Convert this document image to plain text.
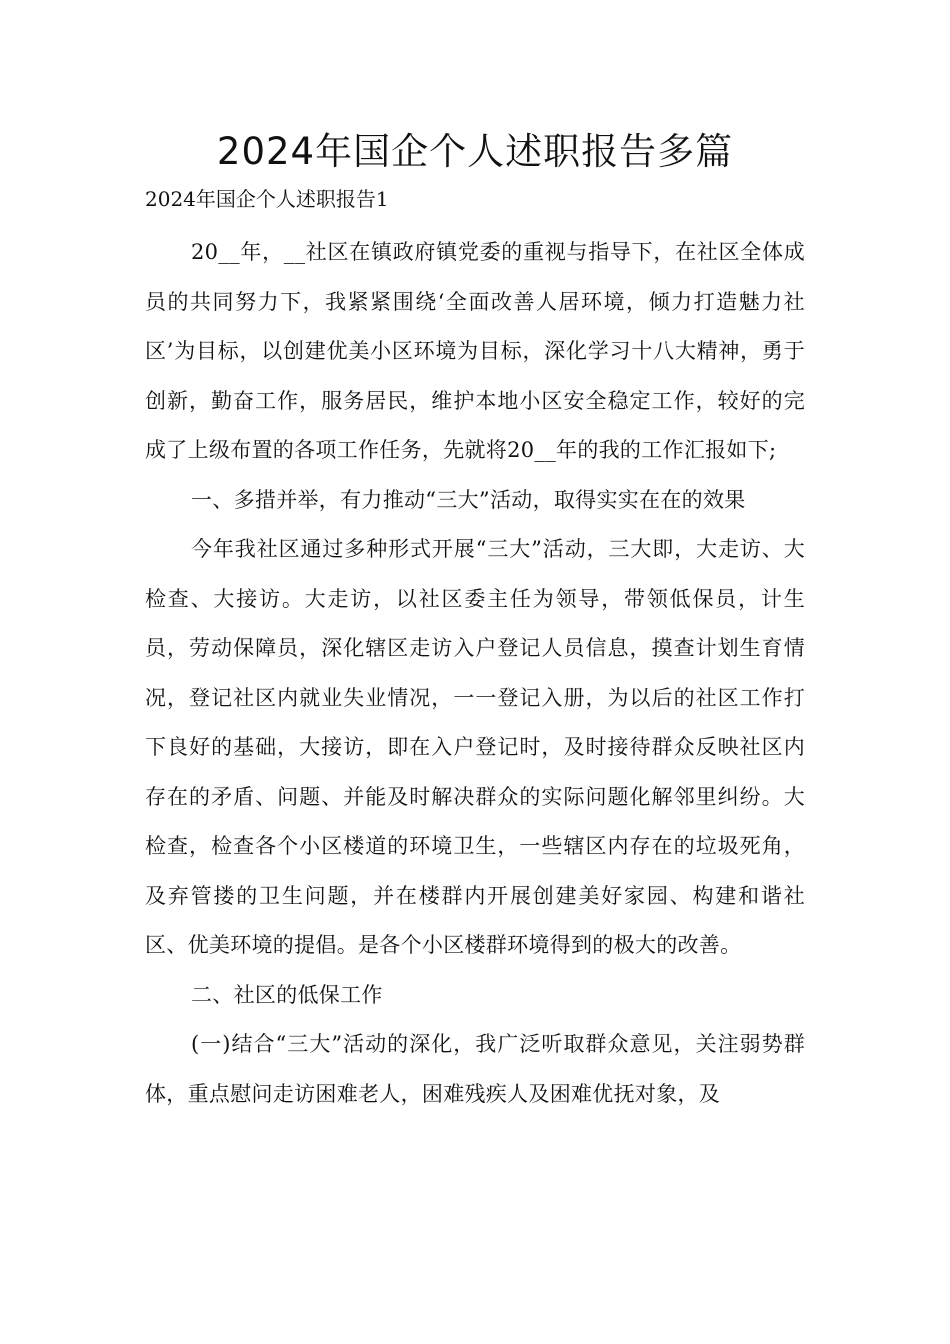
2024年国企个人述职报告多篇
2024年国企个人述职报告1

20__年，__社区在镇政府镇党委的重视与指导下，在社区全体成员的共同努力下，我紧紧围绕‘全面改善人居环境，倾力打造魅力社区’为目标，以创建优美小区环境为目标，深化学习十八大精神，勇于创新，勤奋工作，服务居民，维护本地小区安全稳定工作，较好的完成了上级布置的各项工作任务，先就将20__年的我的工作汇报如下;

一、多措并举，有力推动“三大”活动，取得实实在在的效果

今年我社区通过多种形式开展“三大”活动，三大即，大走访、大检查、大接访。大走访，以社区委主任为领导，带领低保员，计生员，劳动保障员，深化辖区走访入户登记人员信息，摸查计划生育情况，登记社区内就业失业情况，一一登记入册，为以后的社区工作打下良好的基础，大接访，即在入户登记时，及时接待群众反映社区内存在的矛盾、问题、并能及时解决群众的实际问题化解邻里纠纷。大检查，检查各个小区楼道的环境卫生，一些辖区内存在的垃圾死角，及弃管搂的卫生问题，并在楼群内开展创建美好家园、构建和谐社区、优美环境的提倡。是各个小区楼群环境得到的极大的改善。

二、社区的低保工作

(一)结合“三大”活动的深化，我广泛听取群众意见，关注弱势群体，重点慰问走访困难老人，困难残疾人及困难优抚对象，及
